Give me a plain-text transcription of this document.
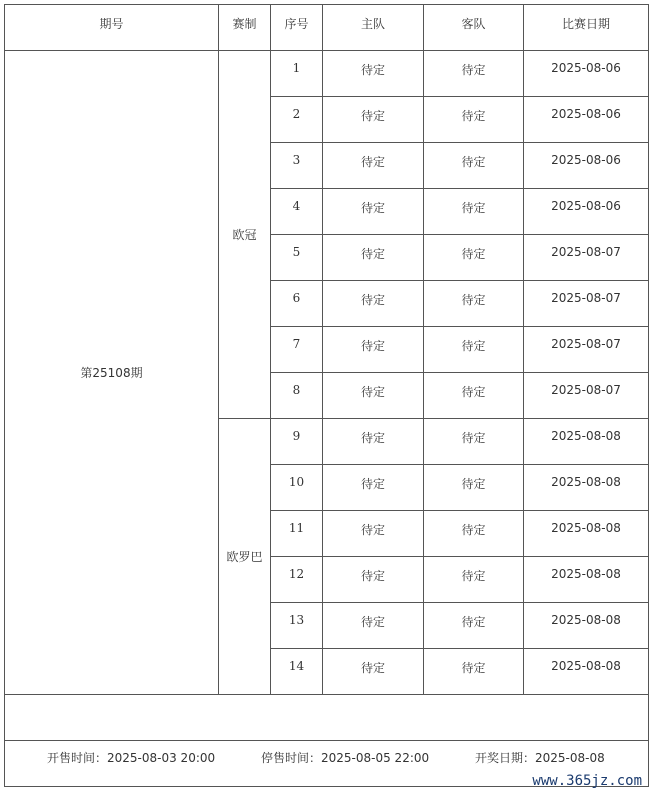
期号	赛制	序号	主队	客队	比赛日期
第25108期	欧冠	1	待定	待定	2025-08-06
		2	待定	待定	2025-08-06
		3	待定	待定	2025-08-06
		4	待定	待定	2025-08-06
		5	待定	待定	2025-08-07
		6	待定	待定	2025-08-07
		7	待定	待定	2025-08-07
		8	待定	待定	2025-08-07
	欧罗巴	9	待定	待定	2025-08-08
		10	待定	待定	2025-08-08
		11	待定	待定	2025-08-08
		12	待定	待定	2025-08-08
		13	待定	待定	2025-08-08
		14	待定	待定	2025-08-08

开售时间：2025-08-03 20:00 停售时间：2025-08-05 22:00 开奖日期：2025-08-08					
www.365jz.com
